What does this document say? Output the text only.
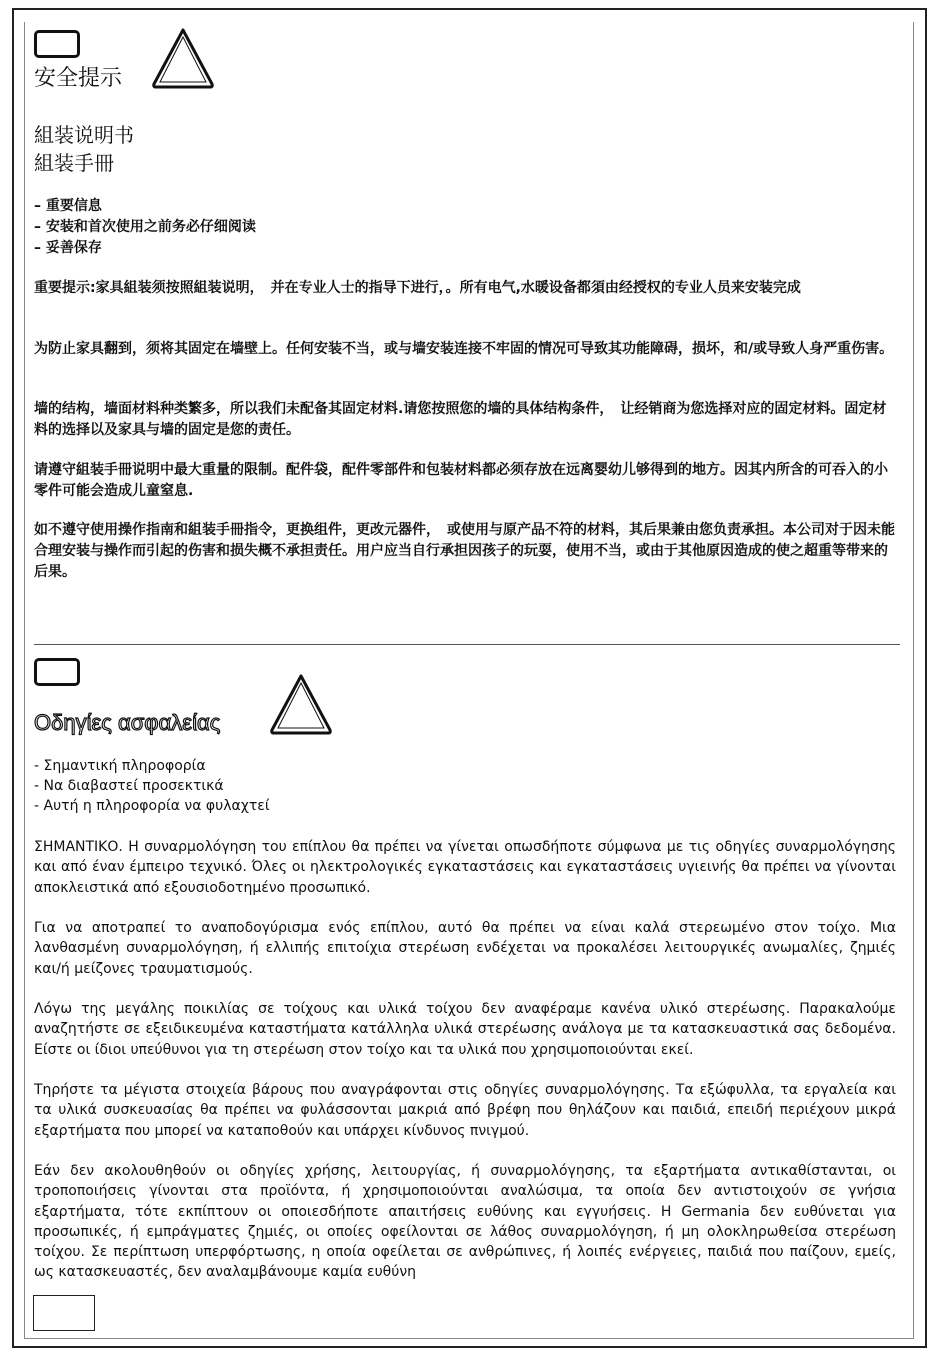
安全提示
組装说明书
組装手冊
– 重要信息
– 安装和首次使用之前务必仔细阅读
– 妥善保存

重要提示:家具組装须按照組装说明，　并在专业人士的指导下进行，。所有电气,水暖设备都須由经授权的专业人员来安装完成

为防止家具翻到，须将其固定在墙壁上。任何安装不当，或与墙安装连接不牢固的情况可导致其功能障碍，损坏，和/或导致人身严重伤害。

墙的结构，墙面材料种类繁多，所以我们未配备其固定材料.请您按照您的墙的具体结构条件，　让经销商为您选择对应的固定材料。固定材料的选择以及家具与墙的固定是您的责任。

请遵守組装手冊说明中最大重量的限制。配件袋，配件零部件和包装材料都必须存放在远离婴幼儿够得到的地方。因其内所含的可吞入的小零件可能会造成儿童窒息.

如不遵守使用操作指南和組装手冊指令，更换组件，更改元器件，　或使用与原产品不符的材料，其后果兼由您负责承担。本公司对于因未能合理安装与操作而引起的伤害和损失概不承担责任。用户应当自行承担因孩子的玩耍，使用不当，或由于其他原因造成的使之超重等带来的后果。

Οδηγίες ασφαλείας
- Σημαντική πληροφορία
- Να διαβαστεί προσεκτικά
- Αυτή η πληροφορία να φυλαχτεί

ΣΗΜΑΝΤΙΚΟ. Η συναρμολόγηση του επίπλου θα πρέπει να γίνεται οπωσδήποτε σύμφωνα με τις οδηγίες συναρμολόγησης και από έναν έμπειρο τεχνικό. Όλες οι ηλεκτρολογικές εγκαταστάσεις και εγκαταστάσεις υγιεινής θα πρέπει να γίνονται αποκλειστικά από εξουσιοδοτημένο προσωπικό.

Για να αποτραπεί το αναποδογύρισμα ενός επίπλου, αυτό θα πρέπει να είναι καλά στερεωμένο στον τοίχο. Μια λανθασμένη συναρμολόγηση, ή ελλιπής επιτοίχια στερέωση ενδέχεται να προκαλέσει λειτουργικές ανωμαλίες, ζημιές και/ή μείζονες τραυματισμούς.

Λόγω της μεγάλης ποικιλίας σε τοίχους και υλικά τοίχου δεν αναφέραμε κανένα υλικό στερέωσης. Παρακαλούμε αναζητήστε σε εξειδικευμένα καταστήματα κατάλληλα υλικά στερέωσης ανάλογα με τα κατασκευαστικά σας δεδομένα. Είστε οι ίδιοι υπεύθυνοι για τη στερέωση στον τοίχο και τα υλικά που χρησιμοποιούνται εκεί.

Τηρήστε τα μέγιστα στοιχεία βάρους που αναγράφονται στις οδηγίες συναρμολόγησης. Τα εξώφυλλα, τα εργαλεία και τα υλικά συσκευασίας θα πρέπει να φυλάσσονται μακριά από βρέφη που θηλάζουν και παιδιά, επειδή περιέχουν μικρά εξαρτήματα που μπορεί να καταποθούν και υπάρχει κίνδυνος πνιγμού.

Εάν δεν ακολουθηθούν οι οδηγίες χρήσης, λειτουργίας, ή συναρμολόγησης, τα εξαρτήματα αντικαθίστανται, οι τροποποιήσεις γίνονται στα προϊόντα, ή χρησιμοποιούνται αναλώσιμα, τα οποία δεν αντιστοιχούν σε γνήσια εξαρτήματα, τότε εκπίπτουν οι οποιεσδήποτε απαιτήσεις ευθύνης και εγγυήσεις. Η Germania δεν ευθύνεται για προσωπικές, ή εμπράγματες ζημιές, οι οποίες οφείλονται σε λάθος συναρμολόγηση, ή μη ολοκληρωθείσα στερέωση τοίχου. Σε περίπτωση υπερφόρτωσης, η οποία οφείλεται σε ανθρώπινες, ή λοιπές ενέργειες, παιδιά που παίζουν, εμείς, ως κατασκευαστές, δεν αναλαμβάνουμε καμία ευθύνη
